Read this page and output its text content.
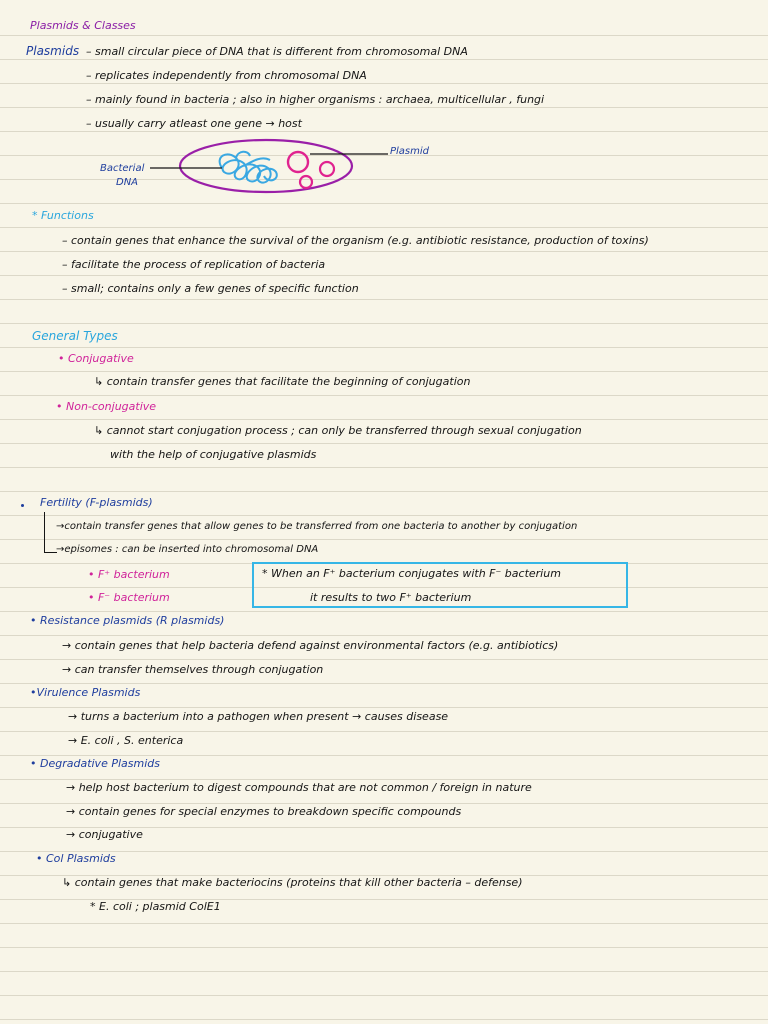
Plasmids & Classes
Plasmids – small circular piece of DNA that is different from chromosomal DNA
– replicates independently from chromosomal DNA
– mainly found in bacteria ; also in higher organisms : archaea, multicellular , fungi
– usually carry atleast one gene → host
Bacterial
DNA
Plasmid
* Functions
– contain genes that enhance the survival of the organism (e.g. antibiotic resistance, production of toxins)
– facilitate the process of replication of bacteria
– small; contains only a few genes of specific function
General Types
• Conjugative
↳ contain transfer genes that facilitate the beginning of conjugation
• Non-conjugative
↳ cannot start conjugation process ; can only be transferred through sexual conjugation
with the help of conjugative plasmids
Fertility (F-plasmids)
→contain transfer genes that allow genes to be transferred from one bacteria to another by conjugation
→episomes : can be inserted into chromosomal DNA
• F⁺ bacterium
• F⁻ bacterium
* When an F⁺ bacterium conjugates with F⁻ bacterium
it results to two F⁺ bacterium
• Resistance plasmids (R plasmids)
→ contain genes that help bacteria defend against environmental factors (e.g. antibiotics)
→ can transfer themselves through conjugation
•Virulence Plasmids
→ turns a bacterium into a pathogen when present → causes disease
→ E. coli , S. enterica
• Degradative Plasmids
→ help host bacterium to digest compounds that are not common / foreign in nature
→ contain genes for special enzymes to breakdown specific compounds
→ conjugative
• Col Plasmids
↳ contain genes that make bacteriocins (proteins that kill other bacteria – defense)
* E. coli ; plasmid ColE1
